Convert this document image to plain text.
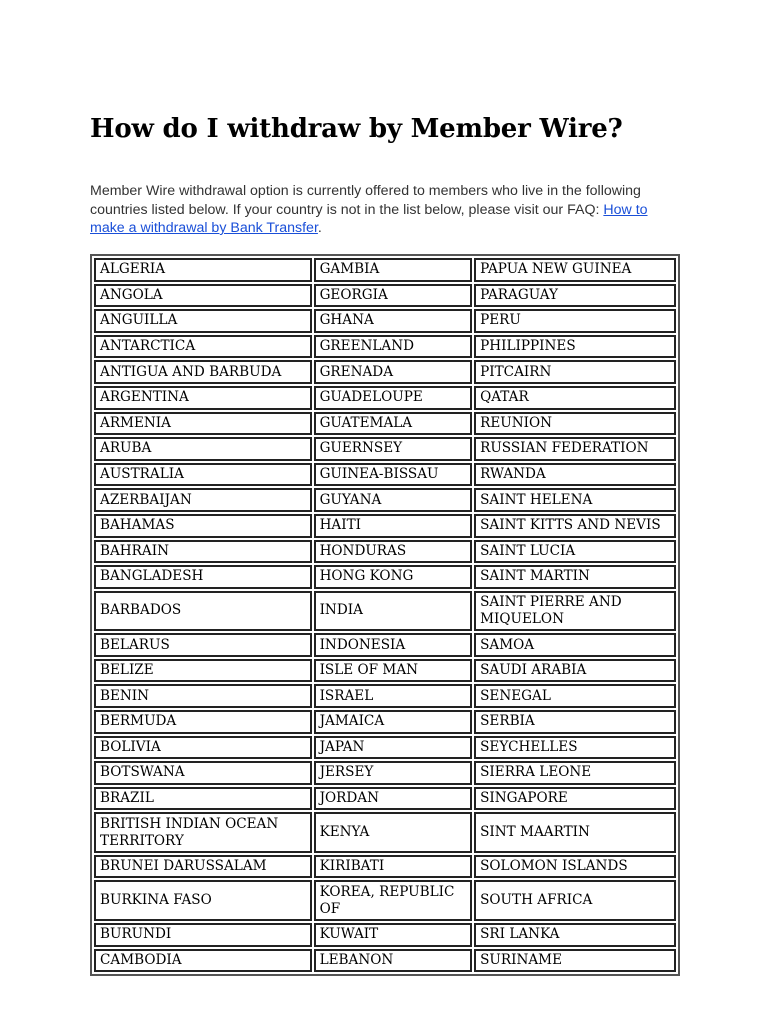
How do I withdraw by Member Wire?

Member Wire withdrawal option is currently offered to members who live in the following countries listed below. If your country is not in the list below, please visit our FAQ: How to make a withdrawal by Bank Transfer.

ALGERIA	GAMBIA	PAPUA NEW GUINEA
ANGOLA	GEORGIA	PARAGUAY
ANGUILLA	GHANA	PERU
ANTARCTICA	GREENLAND	PHILIPPINES
ANTIGUA AND BARBUDA	GRENADA	PITCAIRN
ARGENTINA	GUADELOUPE	QATAR
ARMENIA	GUATEMALA	REUNION
ARUBA	GUERNSEY	RUSSIAN FEDERATION
AUSTRALIA	GUINEA-BISSAU	RWANDA
AZERBAIJAN	GUYANA	SAINT HELENA
BAHAMAS	HAITI	SAINT KITTS AND NEVIS
BAHRAIN	HONDURAS	SAINT LUCIA
BANGLADESH	HONG KONG	SAINT MARTIN
BARBADOS	INDIA	SAINT PIERRE AND MIQUELON
BELARUS	INDONESIA	SAMOA
BELIZE	ISLE OF MAN	SAUDI ARABIA
BENIN	ISRAEL	SENEGAL
BERMUDA	JAMAICA	SERBIA
BOLIVIA	JAPAN	SEYCHELLES
BOTSWANA	JERSEY	SIERRA LEONE
BRAZIL	JORDAN	SINGAPORE
BRITISH INDIAN OCEAN TERRITORY	KENYA	SINT MAARTIN
BRUNEI DARUSSALAM	KIRIBATI	SOLOMON ISLANDS
BURKINA FASO	KOREA, REPUBLIC OF	SOUTH AFRICA
BURUNDI	KUWAIT	SRI LANKA
CAMBODIA	LEBANON	SURINAME
